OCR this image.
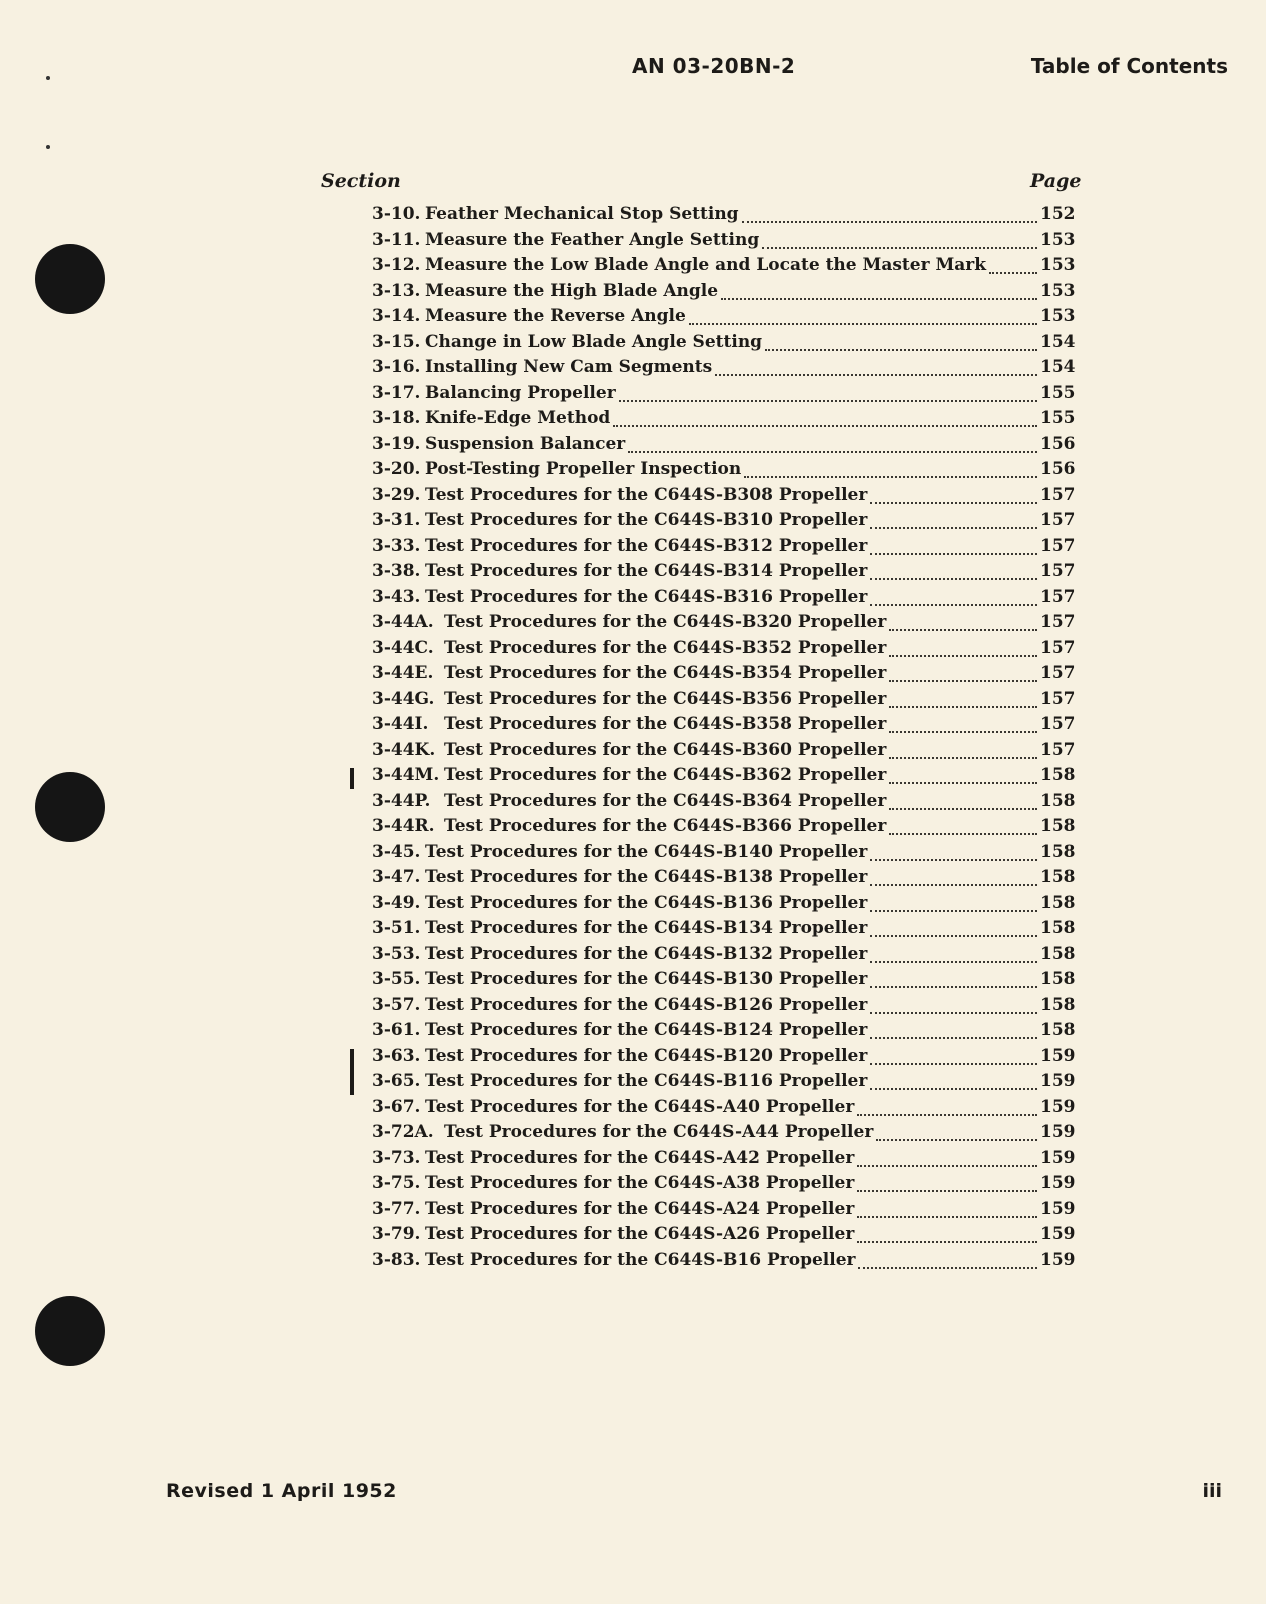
AN 03-20BN-2	Table of Contents
Section	Page
3-10. Feather Mechanical Stop Setting	152
3-11. Measure the Feather Angle Setting	153
3-12. Measure the Low Blade Angle and Locate the Master Mark	153
3-13. Measure the High Blade Angle	153
3-14. Measure the Reverse Angle	153
3-15. Change in Low Blade Angle Setting	154
3-16. Installing New Cam Segments	154
3-17. Balancing Propeller	155
3-18. Knife-Edge Method	155
3-19. Suspension Balancer	156
3-20. Post-Testing Propeller Inspection	156
3-29. Test Procedures for the C644S-B308 Propeller	157
3-31. Test Procedures for the C644S-B310 Propeller	157
3-33. Test Procedures for the C644S-B312 Propeller	157
3-38. Test Procedures for the C644S-B314 Propeller	157
3-43. Test Procedures for the C644S-B316 Propeller	157
3-44A. Test Procedures for the C644S-B320 Propeller	157
3-44C. Test Procedures for the C644S-B352 Propeller	157
3-44E. Test Procedures for the C644S-B354 Propeller	157
3-44G. Test Procedures for the C644S-B356 Propeller	157
3-44I. Test Procedures for the C644S-B358 Propeller	157
3-44K. Test Procedures for the C644S-B360 Propeller	157
3-44M. Test Procedures for the C644S-B362 Propeller	158
3-44P. Test Procedures for the C644S-B364 Propeller	158
3-44R. Test Procedures for the C644S-B366 Propeller	158
3-45. Test Procedures for the C644S-B140 Propeller	158
3-47. Test Procedures for the C644S-B138 Propeller	158
3-49. Test Procedures for the C644S-B136 Propeller	158
3-51. Test Procedures for the C644S-B134 Propeller	158
3-53. Test Procedures for the C644S-B132 Propeller	158
3-55. Test Procedures for the C644S-B130 Propeller	158
3-57. Test Procedures for the C644S-B126 Propeller	158
3-61. Test Procedures for the C644S-B124 Propeller	158
3-63. Test Procedures for the C644S-B120 Propeller	159
3-65. Test Procedures for the C644S-B116 Propeller	159
3-67. Test Procedures for the C644S-A40 Propeller	159
3-72A. Test Procedures for the C644S-A44 Propeller	159
3-73. Test Procedures for the C644S-A42 Propeller	159
3-75. Test Procedures for the C644S-A38 Propeller	159
3-77. Test Procedures for the C644S-A24 Propeller	159
3-79. Test Procedures for the C644S-A26 Propeller	159
3-83. Test Procedures for the C644S-B16 Propeller	159
Revised 1 April 1952	iii
